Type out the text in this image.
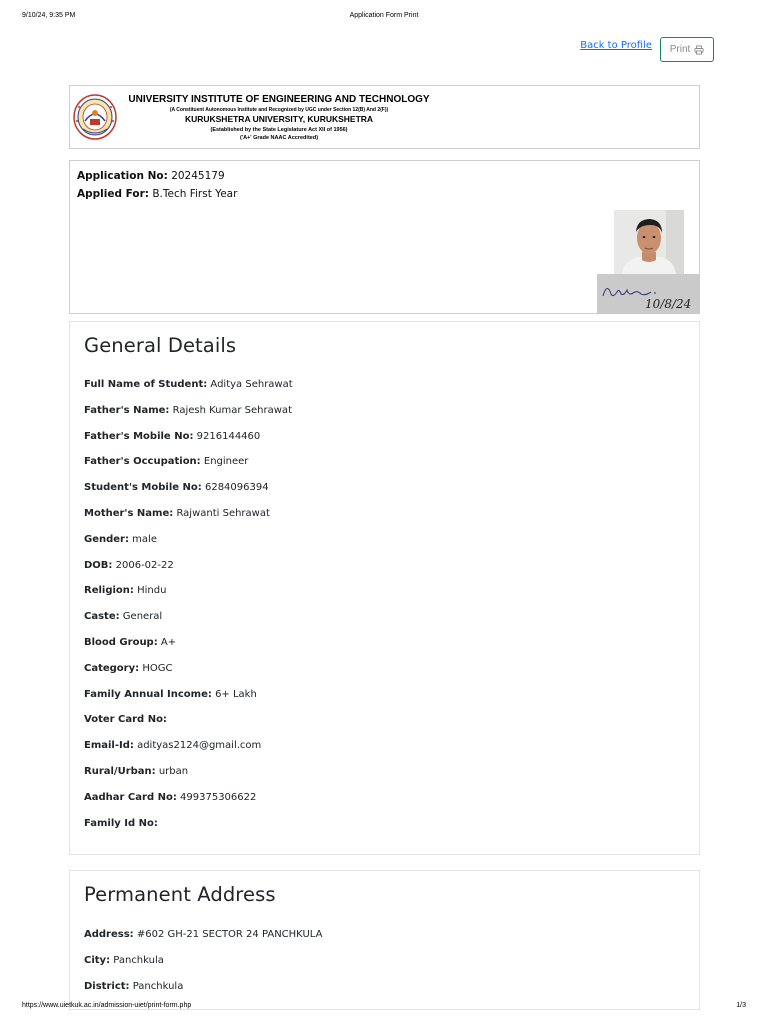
9/10/24, 9:35 PM	Application Form Print
Back to Profile Print
UNIVERSITY INSTITUTE OF ENGINEERING AND TECHNOLOGY
(A Constituent Autonomous Institute and Recognized by UGC under Section 12(B) And 2(F))
KURUKSHETRA UNIVERSITY, KURUKSHETRA
(Established by the State Legislature Act XII of 1956)
('A+' Grade NAAC Accredited)
Application No: 20245179
Applied For: B.Tech First Year
10/8/24
General Details
Full Name of Student: Aditya Sehrawat
Father's Name: Rajesh Kumar Sehrawat
Father's Mobile No: 9216144460
Father's Occupation: Engineer
Student's Mobile No: 6284096394
Mother's Name: Rajwanti Sehrawat
Gender: male
DOB: 2006-02-22
Religion: Hindu
Caste: General
Blood Group: A+
Category: HOGC
Family Annual Income: 6+ Lakh
Voter Card No:
Email-Id: adityas2124@gmail.com
Rural/Urban: urban
Aadhar Card No: 499375306622
Family Id No:
Permanent Address
Address: #602 GH-21 SECTOR 24 PANCHKULA
City: Panchkula
District: Panchkula
https://www.uietkuk.ac.in/admission-uiet/print-form.php	1/3
